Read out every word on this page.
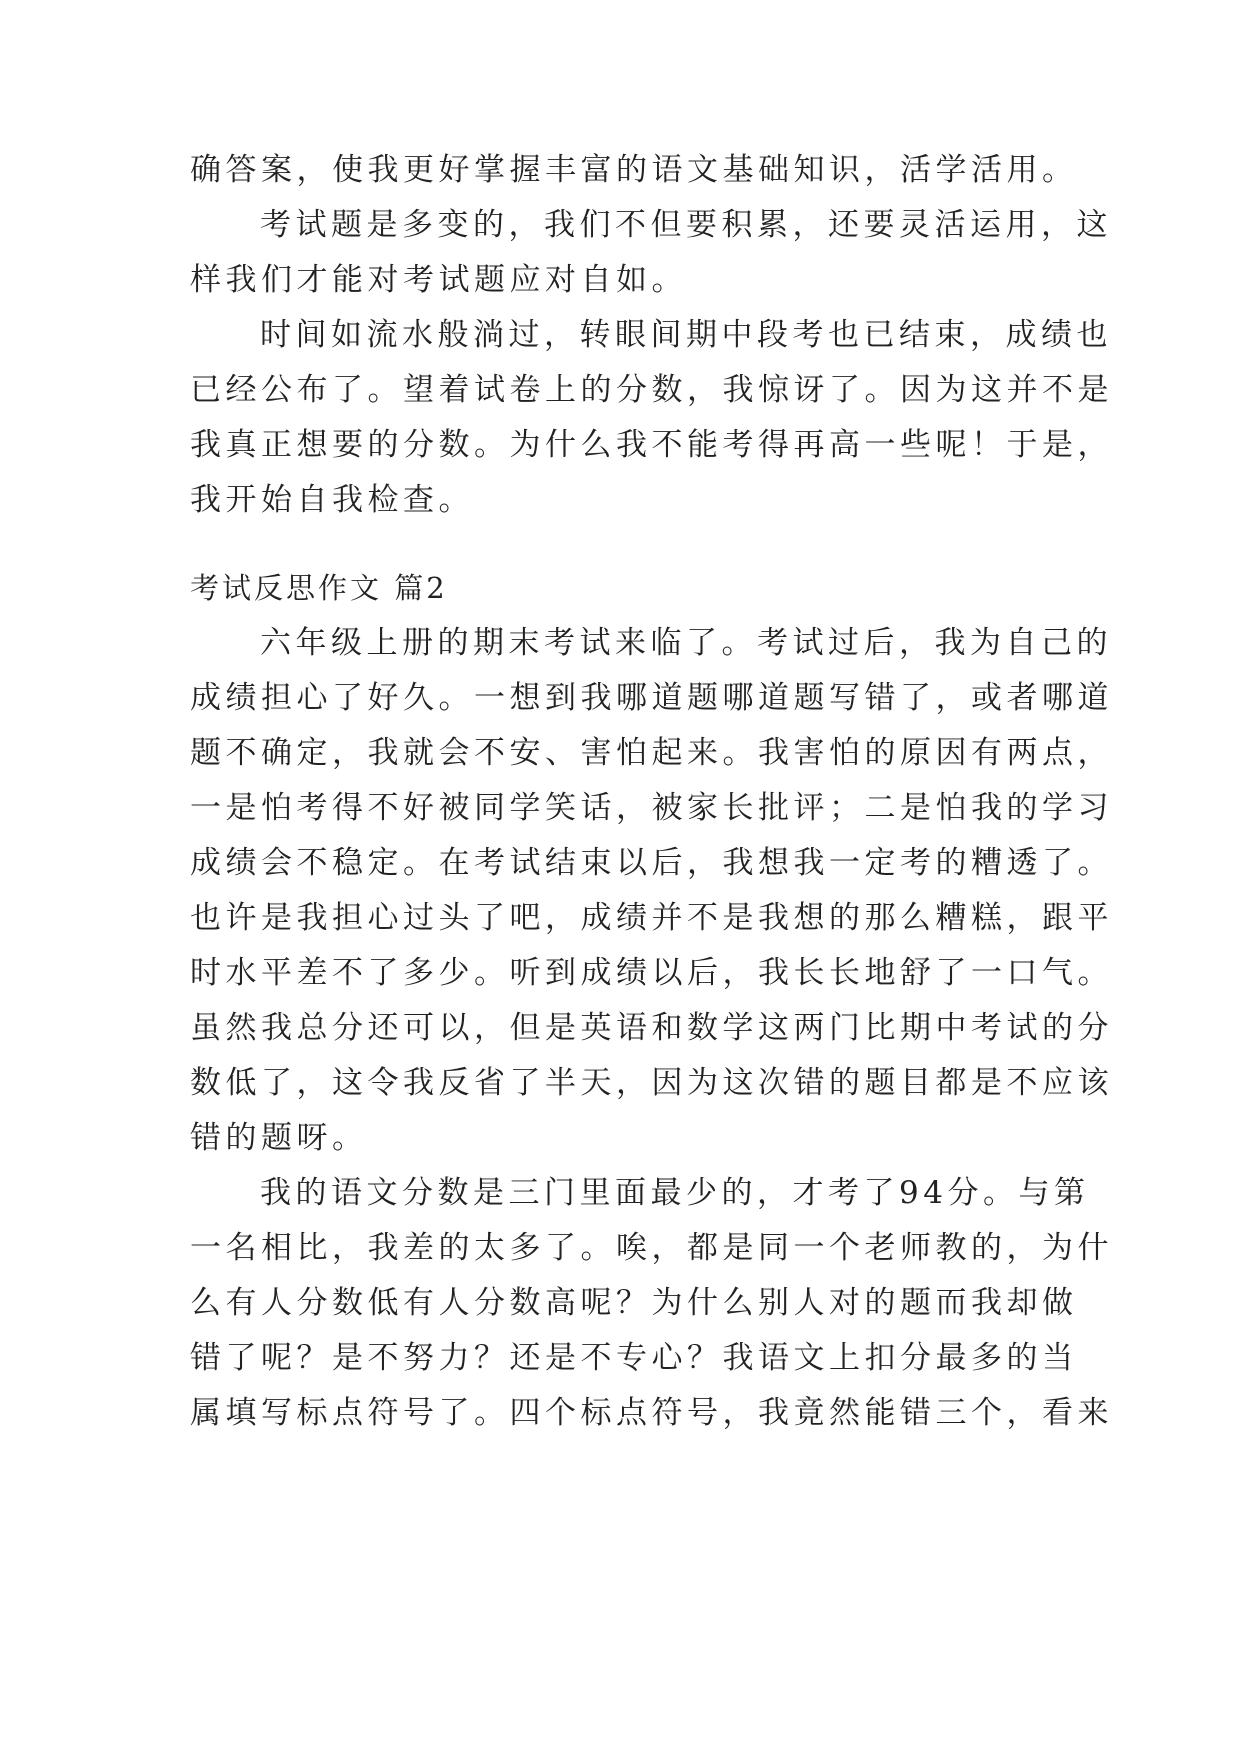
确答案，使我更好掌握丰富的语文基础知识，活学活用。
考试题是多变的，我们不但要积累，还要灵活运用，这
样我们才能对考试题应对自如。
时间如流水般淌过，转眼间期中段考也已结束，成绩也
已经公布了。望着试卷上的分数，我惊讶了。因为这并不是
我真正想要的分数。为什么我不能考得再高一些呢！于是，
我开始自我检查。
考试反思作文 篇2
六年级上册的期末考试来临了。考试过后，我为自己的
成绩担心了好久。一想到我哪道题哪道题写错了，或者哪道
题不确定，我就会不安、害怕起来。我害怕的原因有两点，
一是怕考得不好被同学笑话，被家长批评；二是怕我的学习
成绩会不稳定。在考试结束以后，我想我一定考的糟透了。
也许是我担心过头了吧，成绩并不是我想的那么糟糕，跟平
时水平差不了多少。听到成绩以后，我长长地舒了一口气。
虽然我总分还可以，但是英语和数学这两门比期中考试的分
数低了，这令我反省了半天，因为这次错的题目都是不应该
错的题呀。
我的语文分数是三门里面最少的，才考了94分。与第
一名相比，我差的太多了。唉，都是同一个老师教的，为什
么有人分数低有人分数高呢？为什么别人对的题而我却做
错了呢？是不努力？还是不专心？我语文上扣分最多的当
属填写标点符号了。四个标点符号，我竟然能错三个，看来
